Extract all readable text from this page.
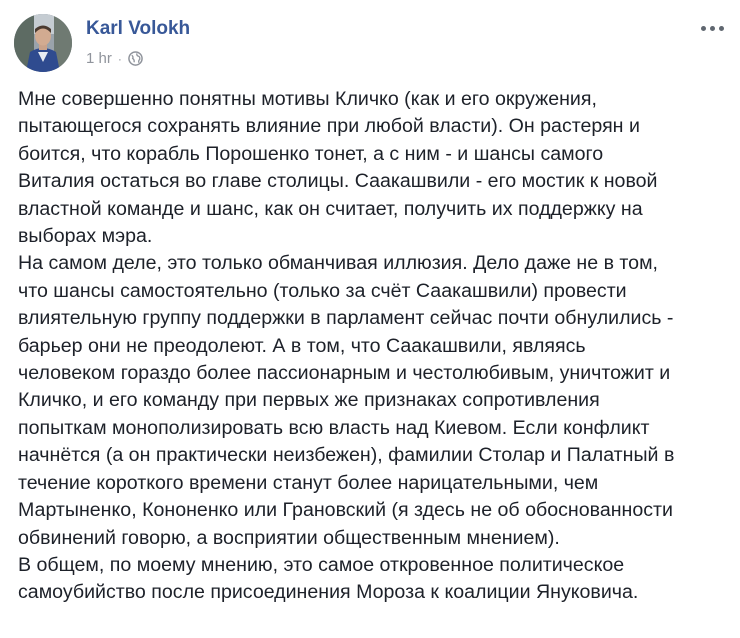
Karl Volokh
1 hr ·
Мне совершенно понятны мотивы Кличко (как и его окружения,
пытающегося сохранять влияние при любой власти). Он растерян и
боится, что корабль Порошенко тонет, а с ним - и шансы самого
Виталия остаться во главе столицы. Саакашвили - его мостик к новой
властной команде и шанс, как он считает, получить их поддержку на
выборах мэра.
На самом деле, это только обманчивая иллюзия. Дело даже не в том,
что шансы самостоятельно (только за счёт Саакашвили) провести
влиятельную группу поддержки в парламент сейчас почти обнулились -
барьер они не преодолеют. А в том, что Саакашвили, являясь
человеком гораздо более пассионарным и честолюбивым, уничтожит и
Кличко, и его команду при первых же признаках сопротивления
попыткам монополизировать всю власть над Киевом. Если конфликт
начнётся (а он практически неизбежен), фамилии Столар и Палатный в
течение короткого времени станут более нарицательными, чем
Мартыненко, Кононенко или Грановский (я здесь не об обоснованности
обвинений говорю, а восприятии общественным мнением).
В общем, по моему мнению, это самое откровенное политическое
самоубийство после присоединения Мороза к коалиции Януковича.
